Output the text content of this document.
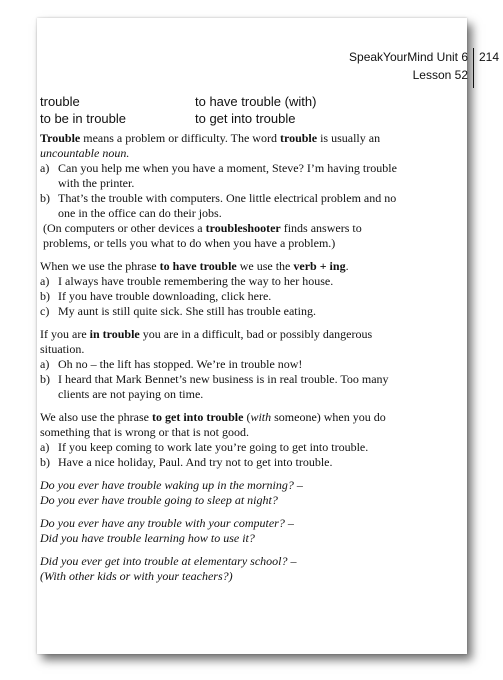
SpeakYourMind Unit 6
Lesson 52
214
trouble	to have trouble (with)
to be in trouble	to get into trouble

Trouble means a problem or difficulty. The word trouble is usually an uncountable noun.

a) Can you help me when you have a moment, Steve? I’m having trouble with the printer.
b) That’s the trouble with computers. One little electrical problem and no one in the office can do their jobs.

(On computers or other devices a troubleshooter finds answers to problems, or tells you what to do when you have a problem.)

When we use the phrase to have trouble we use the verb + ing.

a) I always have trouble remembering the way to her house.
b) If you have trouble downloading, click here.
c) My aunt is still quite sick. She still has trouble eating.

If you are in trouble you are in a difficult, bad or possibly dangerous situation.

a) Oh no – the lift has stopped. We’re in trouble now!
b) I heard that Mark Bennet’s new business is in real trouble. Too many clients are not paying on time.

We also use the phrase to get into trouble (with someone) when you do something that is wrong or that is not good.

a) If you keep coming to work late you’re going to get into trouble.
b) Have a nice holiday, Paul. And try not to get into trouble.
Do you ever have trouble waking up in the morning? –
Do you ever have trouble going to sleep at night?
Do you ever have any trouble with your computer? –
Did you have trouble learning how to use it?
Did you ever get into trouble at elementary school? –
(With other kids or with your teachers?)
